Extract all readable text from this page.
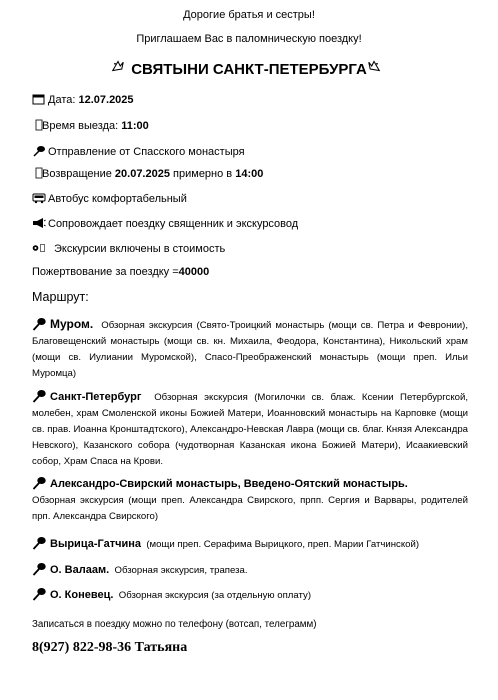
Дорогие братья и сестры!
Приглашаем Вас в паломническую поездку!
СВЯТЫНИ САНКТ-ПЕТЕРБУРГА
Дата: 12.07.2025
Время выезда: 11:00
Отправление от Спасского монастыря
Возвращение 20.07.2025 примерно в 14:00
Автобус комфортабельный
Сопровождает поездку священник и экскурсовод
Экскурсии включены в стоимость
Пожертвование за поездку =40000
Маршрут:
Муром. Обзорная экскурсия (Свято-Троицкий монастырь (мощи св. Петра и Февронии), Благовещенский монастырь (мощи св. кн. Михаила, Феодора, Константина), Никольский храм (мощи св. Иулиании Муромской), Спасо-Преображенский монастырь (мощи преп. Ильи Муромца)
Санкт-Петербург Обзорная экскурсия (Могилочки св. блаж. Ксении Петербургской, молебен, храм Смоленской иконы Божией Матери, Иоанновский монастырь на Карповке (мощи св. прав. Иоанна Кронштадтского), Александро-Невская Лавра (мощи св. благ. Князя Александра Невского), Казанского собора (чудотворная Казанская икона Божией Матери), Исаакиевский собор, Храм Спаса на Крови.
Александро-Свирский монастырь, Введено-Оятский монастырь.
Обзорная экскурсия (мощи преп. Александра Свирского, прпп. Сергия и Варвары, родителей прп. Александра Свирского)
Вырица-Гатчина (мощи преп. Серафима Вырицкого, преп. Марии Гатчинской)
О. Валаам. Обзорная экскурсия, трапеза.
О. Коневец. Обзорная экскурсия (за отдельную оплату)
Записаться в поездку можно по телефону (вотсап, телеграмм)
8(927) 822-98-36 Татьяна
